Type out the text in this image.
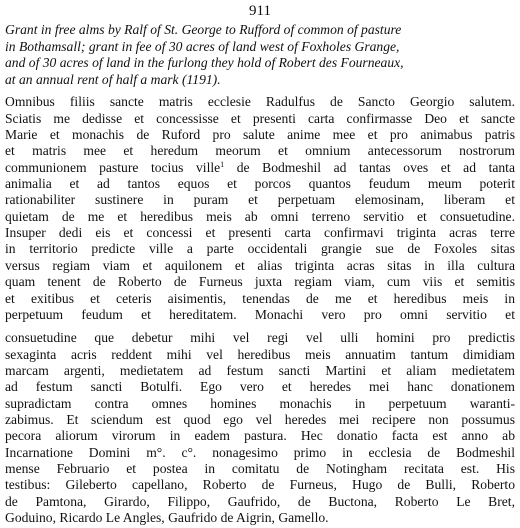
911
Grant in free alms by Ralf of St. George to Rufford of common of pasture
in Bothamsall; grant in fee of 30 acres of land west of Foxholes Grange,
and of 30 acres of land in the furlong they hold of Robert des Fourneaux,
at an annual rent of half a mark (1191).
Omnibus filiis sancte matris ecclesie Radulfus de Sancto Georgio salutem.
Sciatis me dedisse et concessisse et presenti carta confirmasse Deo et sancte
Marie et monachis de Ruford pro salute anime mee et pro animabus patris
et matris mee et heredum meorum et omnium antecessorum nostrorum
communionem pasture tocius ville$^1$ de Bodmeshil ad tantas oves et ad tanta
animalia et ad tantos equos et porcos quantos feudum meum poterit
rationabiliter sustinere in puram et perpetuam elemosinam, liberam et
quietam de me et heredibus meis ab omni terreno servitio et consuetudine.
Insuper dedi eis et concessi et presenti carta confirmavi triginta acras terre
in territorio predicte ville a parte occidentali grangie sue de Foxoles sitas
versus regiam viam et aquilonem et alias triginta acras sitas in illa cultura
quam tenent de Roberto de Furneus juxta regiam viam, cum viis et semitis
et exitibus et ceteris aisimentis, tenendas de me et heredibus meis in
perpetuum feudum et hereditatem. Monachi vero pro omni servitio et
consuetudine que debetur mihi vel regi vel ulli homini pro predictis
sexaginta acris reddent mihi vel heredibus meis annuatim tantum dimidiam
marcam argenti, medietatem ad festum sancti Martini et aliam medietatem
ad festum sancti Botulfi. Ego vero et heredes mei hanc donationem
supradictam contra omnes homines monachis in perpetuum waranti-
zabimus. Et sciendum est quod ego vel heredes mei recipere non possumus
pecora aliorum virorum in eadem pastura. Hec donatio facta est anno ab
Incarnatione Domini m°. c°. nonagesimo primo in ecclesia de Bodmeshil
mense Februario et postea in comitatu de Notingham recitata est. His
testibus: Gileberto capellano, Roberto de Furneus, Hugo de Bulli, Roberto
de Pamtona, Girardo, Filippo, Gaufrido, de Buctona, Roberto Le Bret,
Goduino, Ricardo Le Angles, Gaufrido de Aigrin, Gamello.
